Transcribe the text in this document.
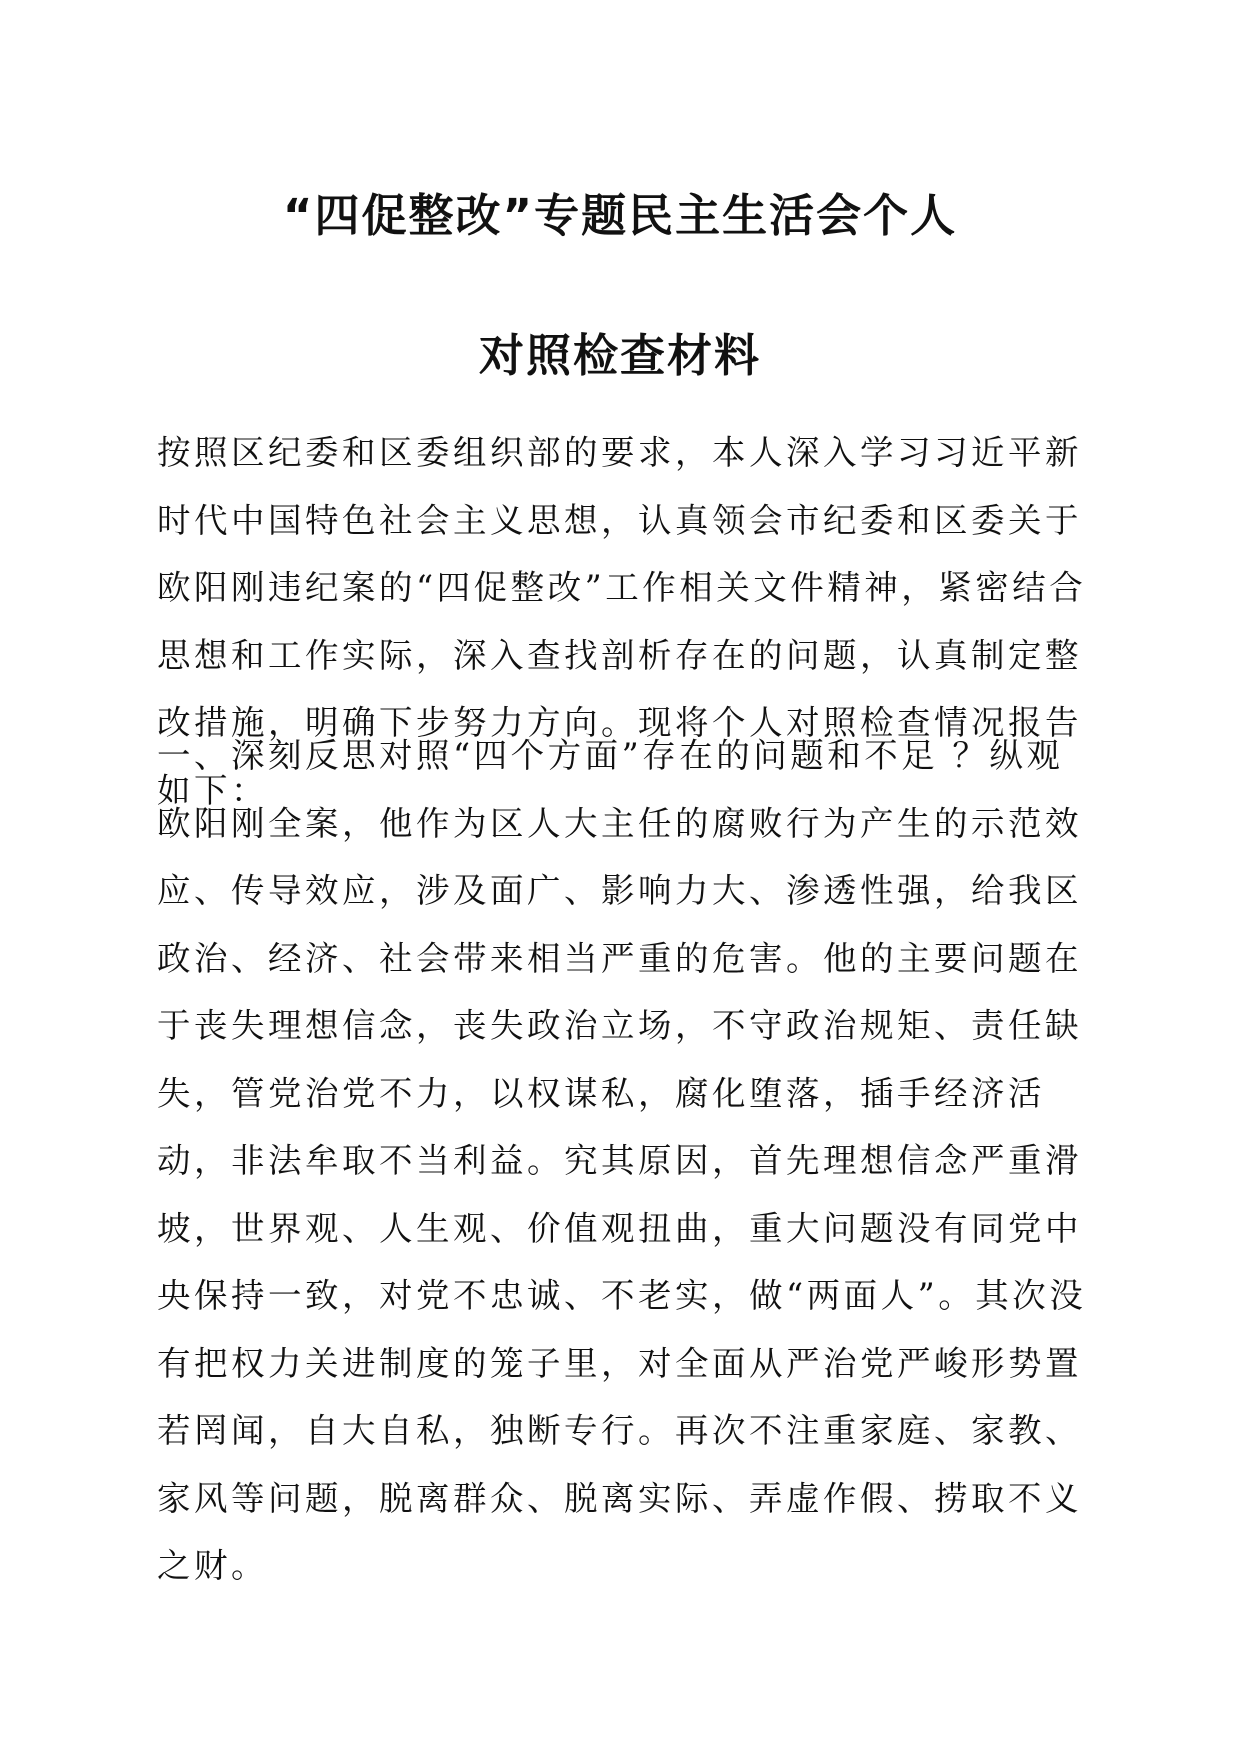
“四促整改”专题民主生活会个人
对照检查材料

按照区纪委和区委组织部的要求，本人深入学习习近平新时代中国特色社会主义思想，认真领会市纪委和区委关于欧阳刚违纪案的“四促整改”工作相关文件精神，紧密结合思想和工作实际，深入查找剖析存在的问题，认真制定整改措施，明确下步努力方向。现将个人对照检查情况报告如下：

一、深刻反思对照“四个方面”存在的问题和不足 ？纵观欧阳刚全案，他作为区人大主任的腐败行为产生的示范效应、传导效应，涉及面广、影响力大、渗透性强，给我区政治、经济、社会带来相当严重的危害。他的主要问题在于丧失理想信念，丧失政治立场，不守政治规矩、责任缺失，管党治党不力，以权谋私，腐化堕落，插手经济活动，非法牟取不当利益。究其原因，首先理想信念严重滑坡，世界观、人生观、价值观扭曲，重大问题没有同党中央保持一致，对党不忠诚、不老实，做“两面人”。其次没有把权力关进制度的笼子里，对全面从严治党严峻形势置若罔闻，自大自私，独断专行。再次不注重家庭、家教、家风等问题，脱离群众、脱离实际、弄虚作假、捞取不义之财。
